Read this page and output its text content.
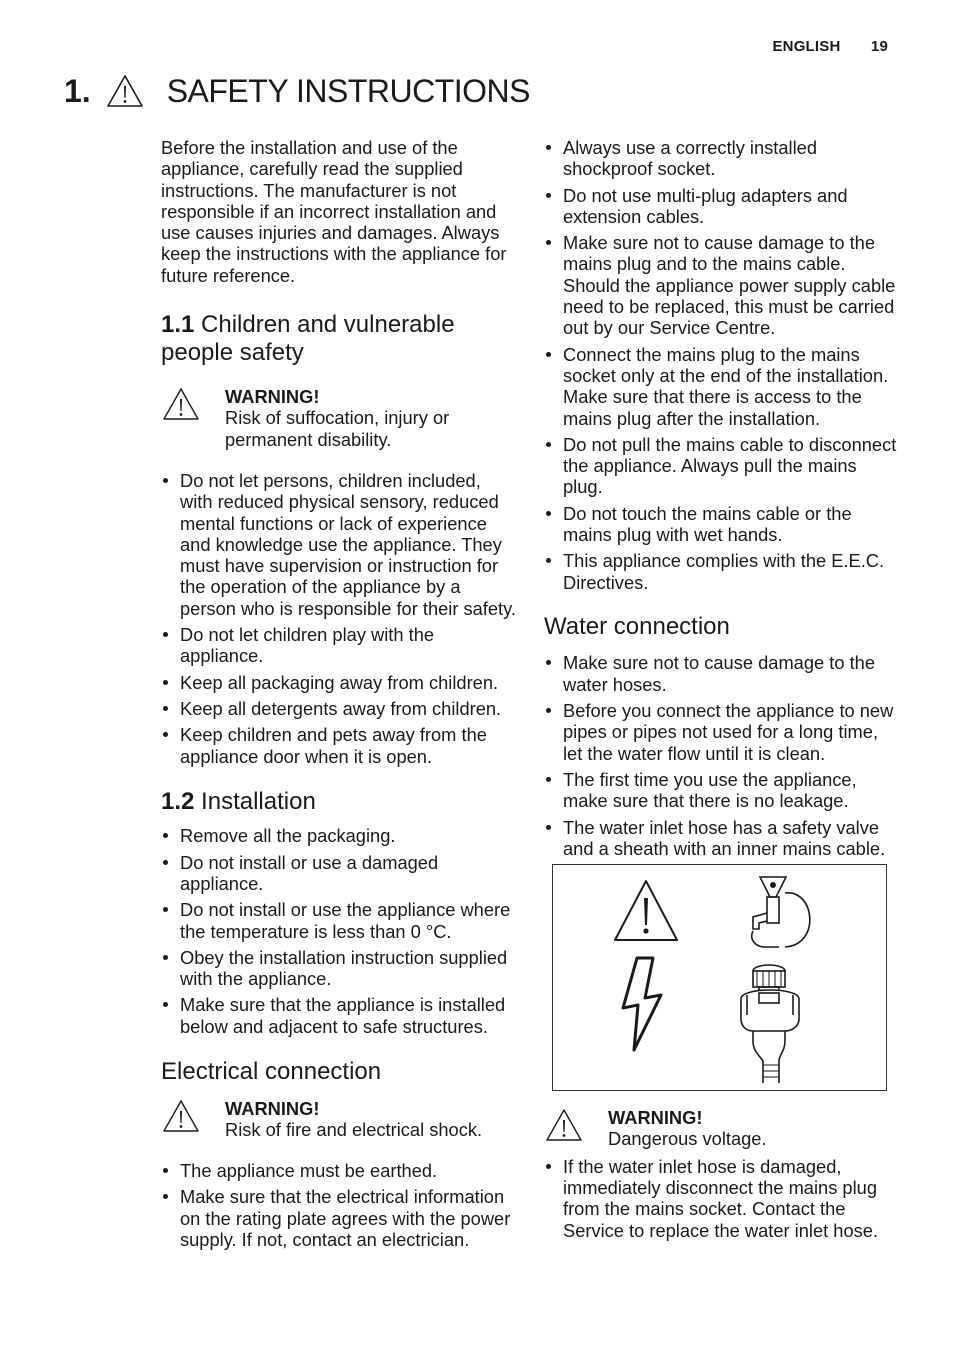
ENGLISH 19
1. SAFETY INSTRUCTIONS

Before the installation and use of the appliance, carefully read the supplied instructions. The manufacturer is not responsible if an incorrect installation and use causes injuries and damages. Always keep the instructions with the appliance for future reference.

1.1 Children and vulnerable people safety
WARNING!
Risk of suffocation, injury or permanent disability.
Do not let persons, children included, with reduced physical sensory, reduced mental functions or lack of experience and knowledge use the appliance. They must have supervision or instruction for the operation of the appliance by a person who is responsible for their safety.
Do not let children play with the appliance.
Keep all packaging away from children.
Keep all detergents away from children.
Keep children and pets away from the appliance door when it is open.
1.2 Installation
Remove all the packaging.
Do not install or use a damaged appliance.
Do not install or use the appliance where the temperature is less than 0 °C.
Obey the installation instruction supplied with the appliance.
Make sure that the appliance is installed below and adjacent to safe structures.
Electrical connection
WARNING!
Risk of fire and electrical shock.
The appliance must be earthed.
Make sure that the electrical information on the rating plate agrees with the power supply. If not, contact an electrician.
Always use a correctly installed shockproof socket.
Do not use multi-plug adapters and extension cables.
Make sure not to cause damage to the mains plug and to the mains cable. Should the appliance power supply cable need to be replaced, this must be carried out by our Service Centre.
Connect the mains plug to the mains socket only at the end of the installation. Make sure that there is access to the mains plug after the installation.
Do not pull the mains cable to disconnect the appliance. Always pull the mains plug.
Do not touch the mains cable or the mains plug with wet hands.
This appliance complies with the E.E.C. Directives.
Water connection
Make sure not to cause damage to the water hoses.
Before you connect the appliance to new pipes or pipes not used for a long time, let the water flow until it is clean.
The first time you use the appliance, make sure that there is no leakage.
The water inlet hose has a safety valve and a sheath with an inner mains cable.
WARNING!
Dangerous voltage.
If the water inlet hose is damaged, immediately disconnect the mains plug from the mains socket. Contact the Service to replace the water inlet hose.
